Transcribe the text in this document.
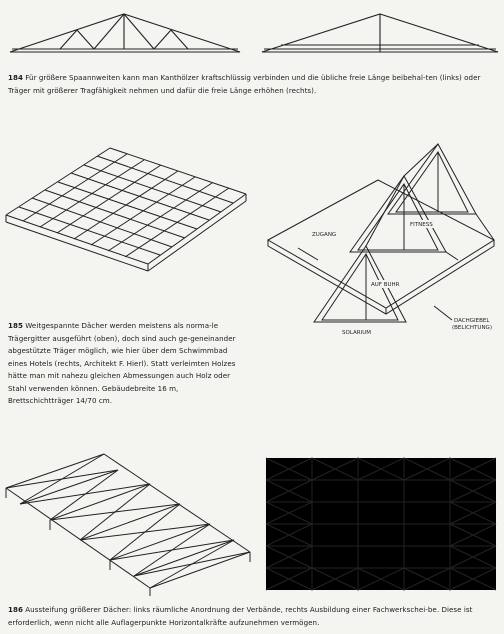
184 Für größere Spaannweiten kann man Kanthölzer kraftschlüssig verbinden und die übliche freie Länge beibehal-ten (links) oder Träger mit größerer Tragfähigkeit nehmen und dafür die freie Länge erhöhen (rechts).
ZUGANG
FITNESS
AUF BUHR
SOLARIUM
DACHGIEBEL
(BELICHTUNG)
185 Weitgespannte Dächer werden meistens als norma-le Trägergitter ausgeführt (oben), doch sind auch ge-geneinander abgestützte Träger möglich, wie hier über dem Schwimmbad eines Hotels (rechts, Architekt F. Hierl). Statt verleimten Holzes hätte man mit nahezu gleichen Abmessungen auch Holz oder Stahl verwenden können. Gebäudebreite 16 m, Brettschichtträger 14/70 cm.
186 Aussteifung größerer Dächer: links räumliche Anordnung der Verbände, rechts Ausbildung einer Fachwerkschei-be. Diese ist erforderlich, wenn nicht alle Auflagerpunkte Horizontalkräfte aufzunehmen vermögen.
